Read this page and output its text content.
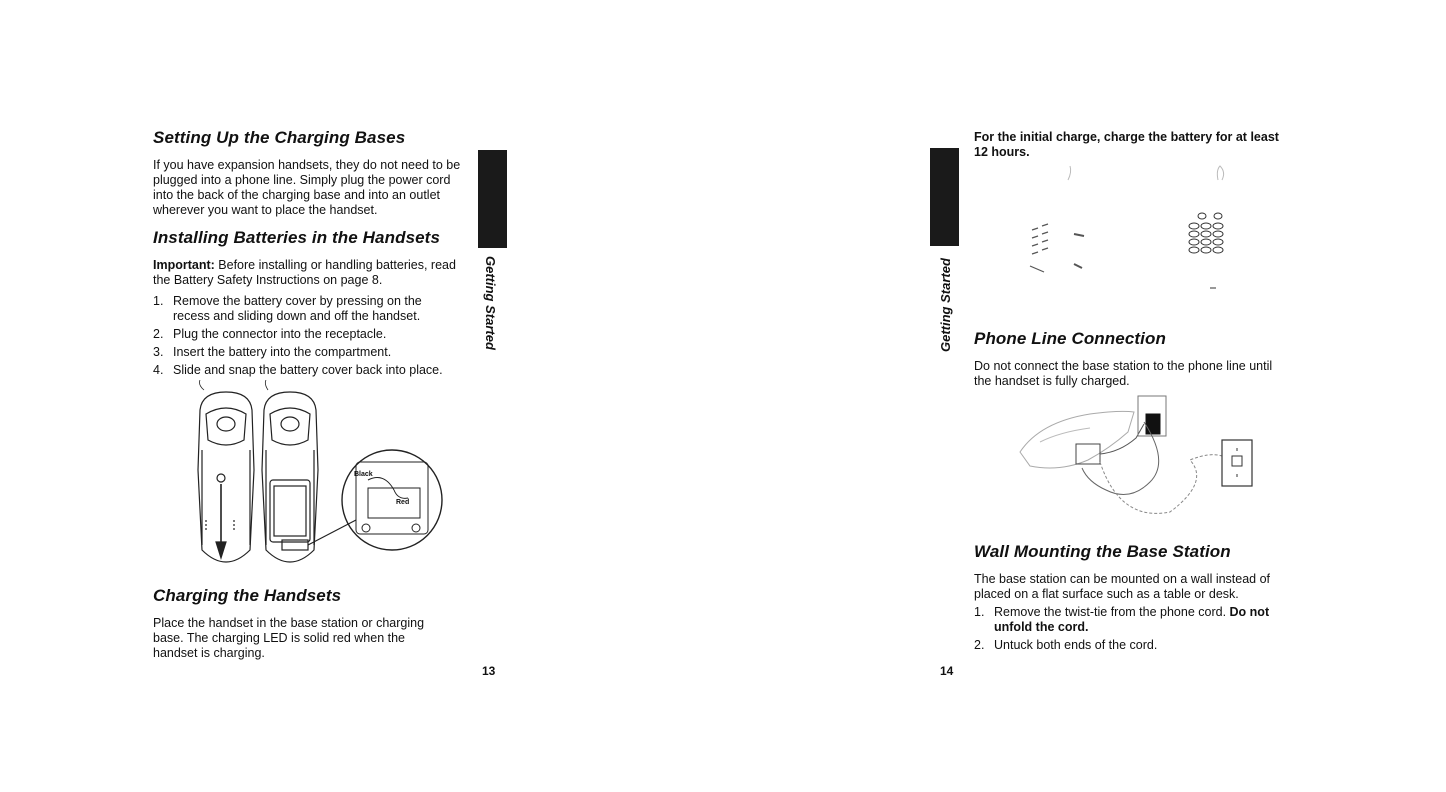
Setting Up the Charging Bases

If you have expansion handsets, they do not need to be plugged into a phone line. Simply plug the power cord into the back of the charging base and into an outlet wherever you want to place the handset.

Installing Batteries in the Handsets

Important: Before installing or handling batteries, read the Battery Safety Instructions on page 8.

1. Remove the battery cover by pressing on the recess and sliding down and off the handset.
2. Plug the connector into the receptacle.
3. Insert the battery into the compartment.
4. Slide and snap the battery cover back into place.
Black
Red
Charging the Handsets

Place the handset in the base station or charging base. The charging LED is solid red when the handset is charging.

Getting Started
13
Getting Started

For the initial charge, charge the battery for at least 12 hours.

Phone Line Connection

Do not connect the base station to the phone line until the handset is fully charged.

Wall Mounting the Base Station

The base station can be mounted on a wall instead of placed on a flat surface such as a table or desk.

1. Remove the twist-tie from the phone cord. Do not unfold the cord.
2. Untuck both ends of the cord.
14
